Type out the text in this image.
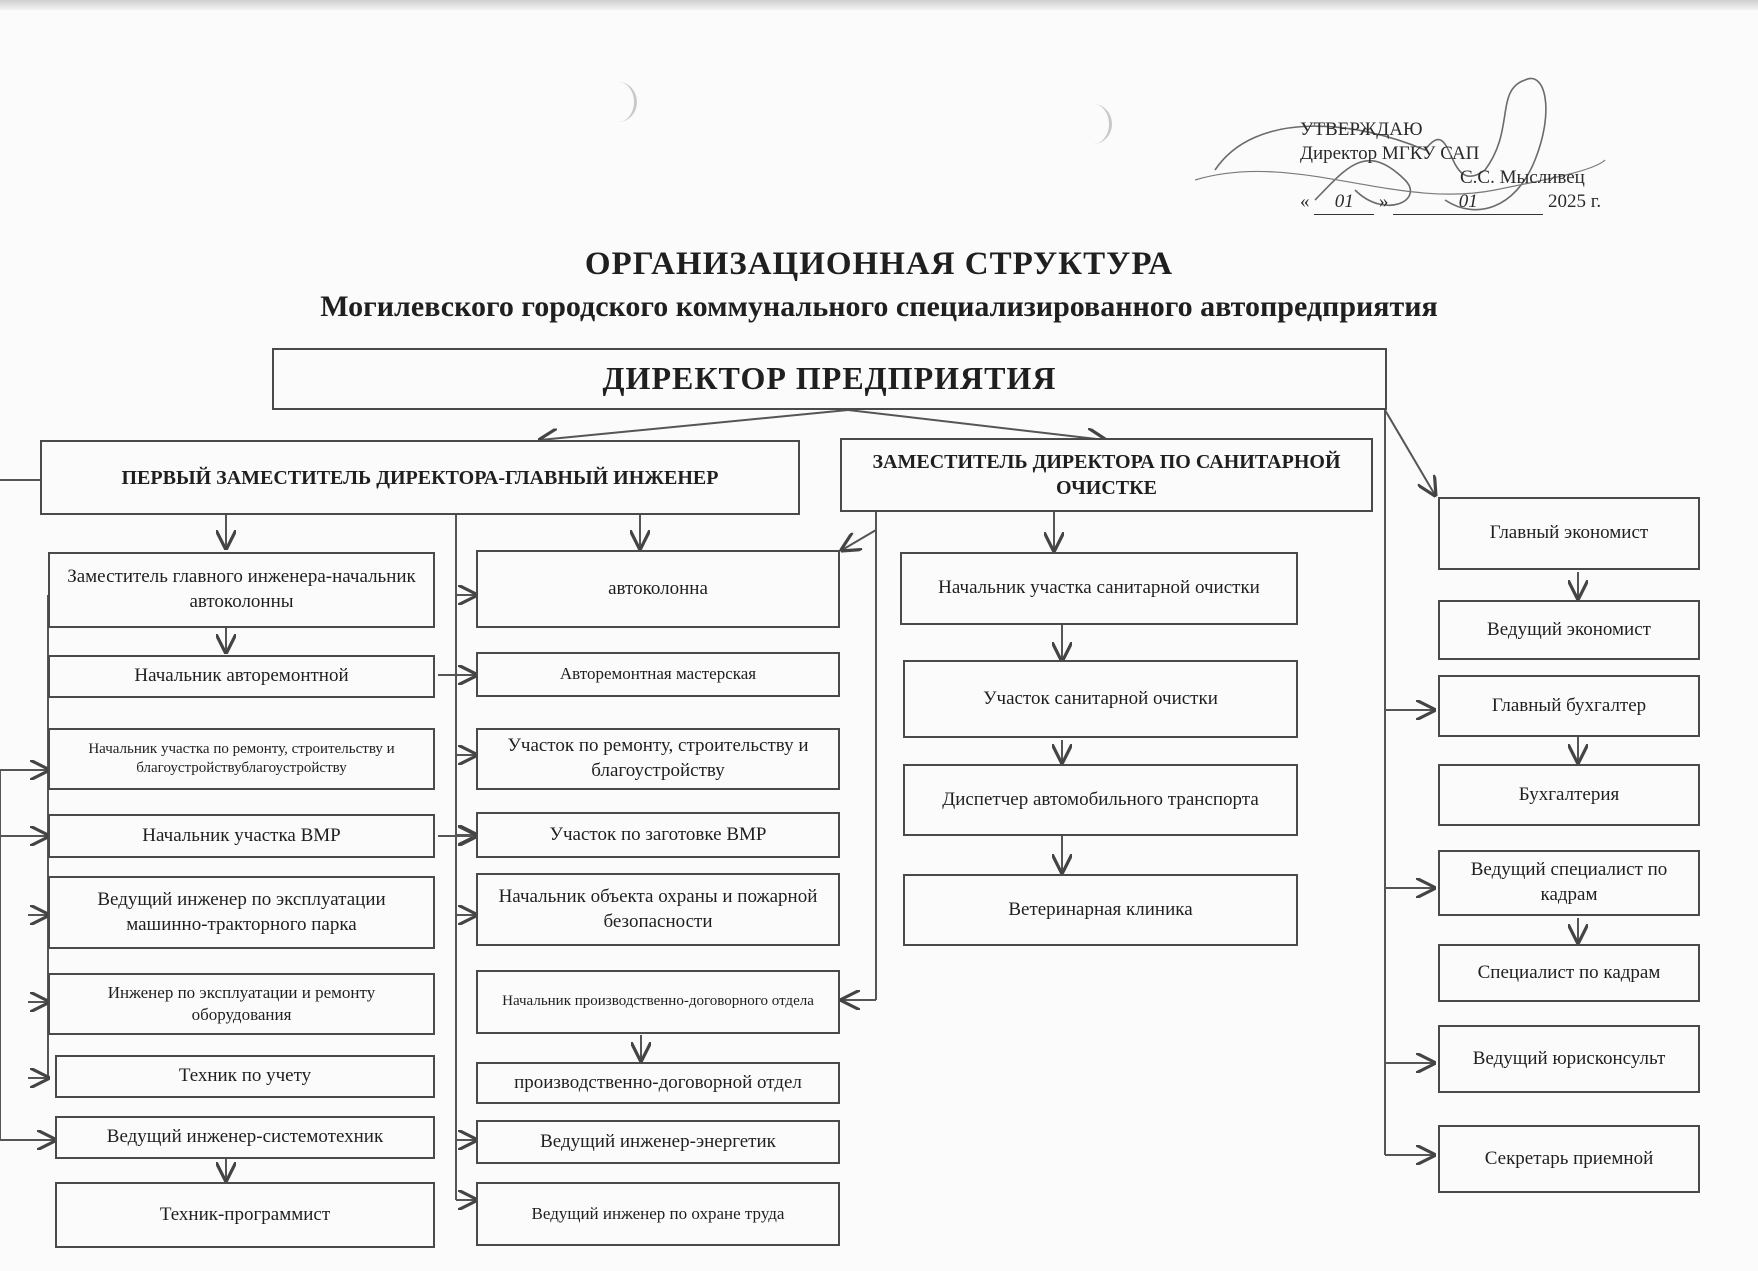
УТВЕРЖДАЮ
Директор МГКУ САП
С.С. Мысливец
« 01 »	01	2025 г.
ОРГАНИЗАЦИОННАЯ СТРУКТУРА
Могилевского городского коммунального специализированного автопредприятия
ДИРЕКТОР ПРЕДПРИЯТИЯ
ПЕРВЫЙ ЗАМЕСТИТЕЛЬ ДИРЕКТОРА-ГЛАВНЫЙ ИНЖЕНЕР
ЗАМЕСТИТЕЛЬ ДИРЕКТОРА ПО САНИТАРНОЙ ОЧИСТКЕ
Заместитель главного инженера-начальник автоколонны
Начальник авторемонтной
Начальник участка по ремонту, строительству и благоустройствублагоустройству
Начальник участка ВМР
Ведущий инженер по эксплуатации машинно-тракторного парка
Инженер по эксплуатации и ремонту оборудования
Техник по учету
Ведущий инженер-системотехник
Техник-программист
автоколонна
Авторемонтная мастерская
Участок по ремонту, строительству и благоустройству
Участок по заготовке ВМР
Начальник объекта охраны и пожарной безопасности
Начальник производственно-договорного отдела
производственно-договорной отдел
Ведущий инженер-энергетик
Ведущий инженер по охране труда
Начальник участка санитарной очистки
Участок санитарной очистки
Диспетчер автомобильного транспорта
Ветеринарная клиника
Главный экономист
Ведущий экономист
Главный бухгалтер
Бухгалтерия
Ведущий специалист по кадрам
Специалист по кадрам
Ведущий юрисконсульт
Секретарь приемной
